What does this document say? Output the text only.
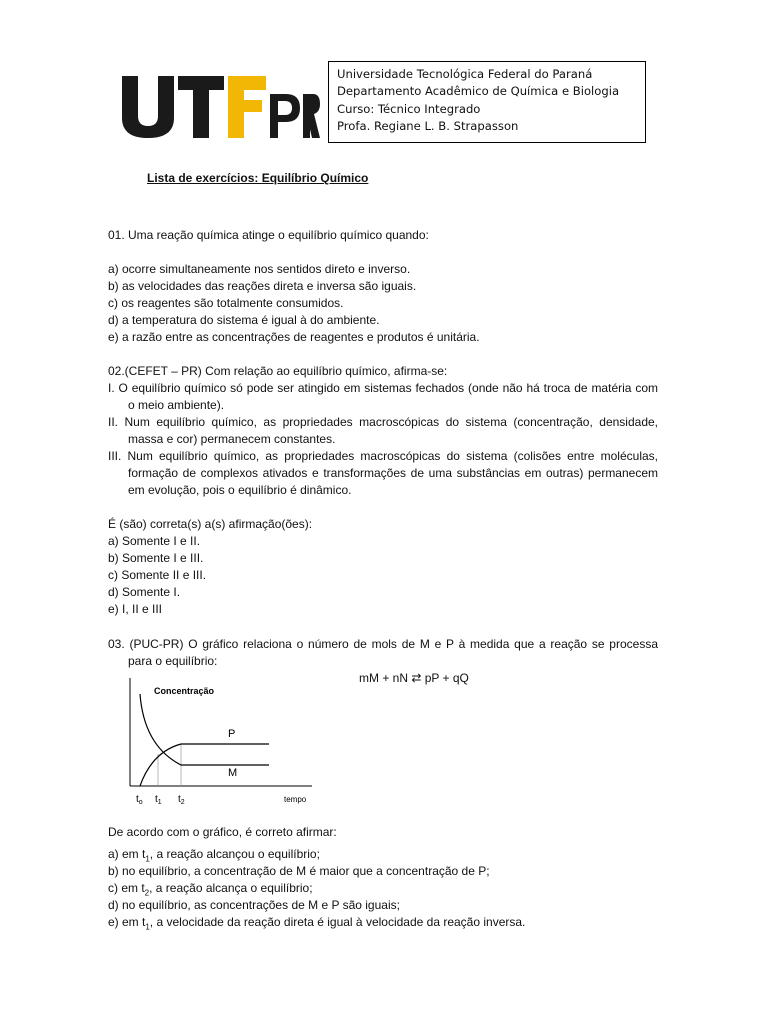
Universidade Tecnológica Federal do Paraná
Departamento Acadêmico de Química e Biologia
Curso: Técnico Integrado
Profa. Regiane L. B. Strapasson
Lista de exercícios: Equilíbrio Químico

01. Uma reação química atinge o equilíbrio químico quando:

a) ocorre simultaneamente nos sentidos direto e inverso.

b) as velocidades das reações direta e inversa são iguais.

c) os reagentes são totalmente consumidos.

d) a temperatura do sistema é igual à do ambiente.

e) a razão entre as concentrações de reagentes e produtos é unitária.

02.(CEFET – PR) Com relação ao equilíbrio químico, afirma-se:

I. O equilíbrio químico só pode ser atingido em sistemas fechados (onde não há troca de matéria com o meio ambiente).

II. Num equilíbrio químico, as propriedades macroscópicas do sistema (concentração, densidade, massa e cor) permanecem constantes.

III. Num equilíbrio químico, as propriedades macroscópicas do sistema (colisões entre moléculas, formação de complexos ativados e transformações de uma substâncias em outras) permanecem em evolução, pois o equilíbrio é dinâmico.

É (são) correta(s) a(s) afirmação(ões):

a) Somente I e II.

b) Somente I e III.

c) Somente II e III.

d) Somente I.

e) I, II e III

03. (PUC-PR) O gráfico relaciona o número de mols de M e P à medida que a reação se processa para o equilíbrio:

mM + nN ⇄ pP + qQ
Concentração
P
M
tempo
$t_o$ $t_1$ $t_2$

De acordo com o gráfico, é correto afirmar:

a) em $t_1$, a reação alcançou o equilíbrio;

b) no equilíbrio, a concentração de M é maior que a concentração de P;

c) em $t_2$, a reação alcança o equilíbrio;

d) no equilíbrio, as concentrações de M e P são iguais;

e) em $t_1$, a velocidade da reação direta é igual à velocidade da reação inversa.
